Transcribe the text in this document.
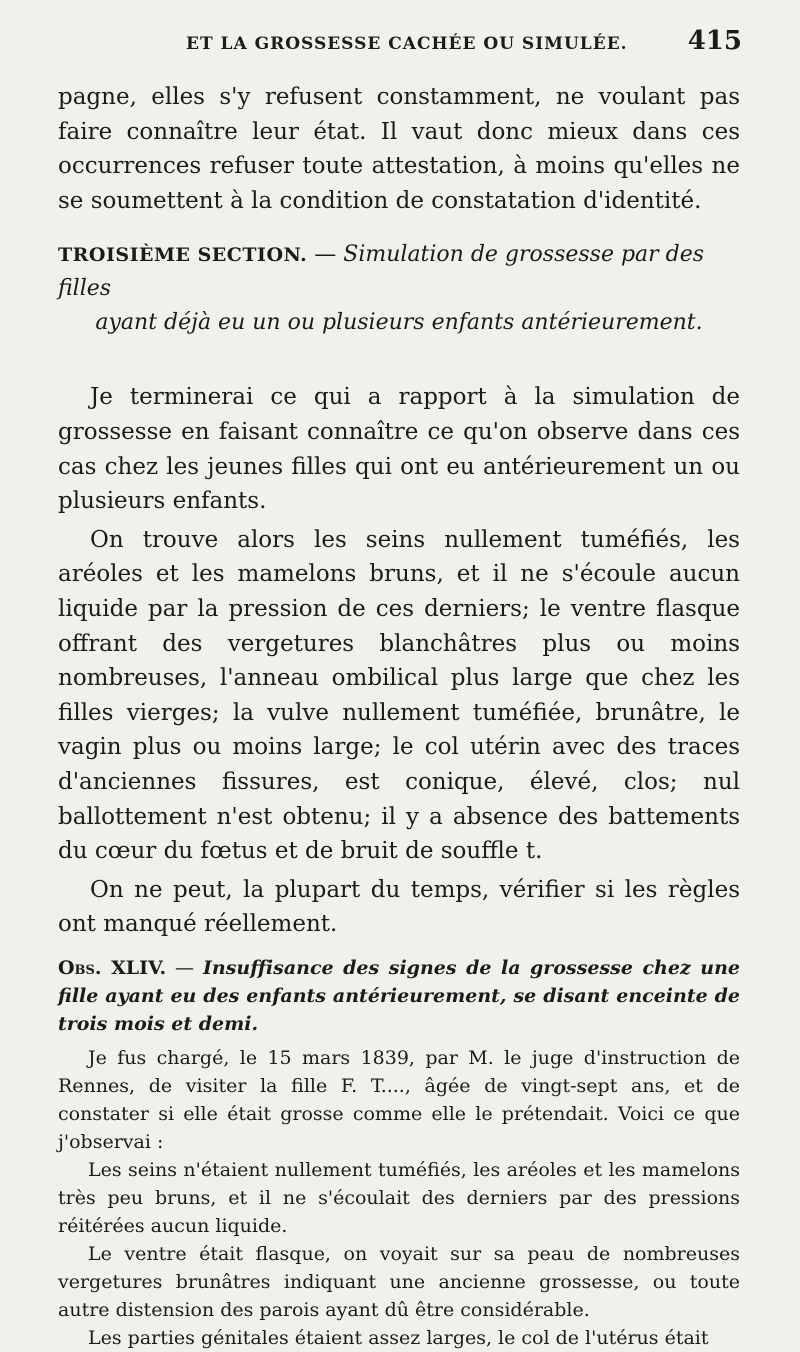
ET LA GROSSESSE CACHÉE OU SIMULÉE. 415

pagne, elles s'y refusent constamment, ne voulant pas faire connaître leur état. Il vaut donc mieux dans ces occurrences refuser toute attestation, à moins qu'elles ne se soumettent à la condition de constatation d'identité.

TROISIÈME SECTION. — Simulation de grossesse par des filles
ayant déjà eu un ou plusieurs enfants antérieurement.

Je terminerai ce qui a rapport à la simulation de grossesse en faisant connaître ce qu'on observe dans ces cas chez les jeunes filles qui ont eu antérieurement un ou plusieurs enfants.

On trouve alors les seins nullement tuméfiés, les aréoles et les mamelons bruns, et il ne s'écoule aucun liquide par la pression de ces derniers; le ventre flasque offrant des vergetures blanchâtres plus ou moins nombreuses, l'anneau ombilical plus large que chez les filles vierges; la vulve nullement tuméfiée, brunâtre, le vagin plus ou moins large; le col utérin avec des traces d'anciennes fissures, est conique, élevé, clos; nul ballottement n'est obtenu; il y a absence des battements du cœur du fœtus et de bruit de souffle t.

On ne peut, la plupart du temps, vérifier si les règles ont manqué réellement.

Obs. XLIV. — Insuffisance des signes de la grossesse chez une fille ayant eu des enfants antérieurement, se disant enceinte de trois mois et demi.

Je fus chargé, le 15 mars 1839, par M. le juge d'instruction de Rennes, de visiter la fille F. T...., âgée de vingt-sept ans, et de constater si elle était grosse comme elle le prétendait. Voici ce que j'observai :

Les seins n'étaient nullement tuméfiés, les aréoles et les mamelons très peu bruns, et il ne s'écoulait des derniers par des pressions réitérées aucun liquide.

Le ventre était flasque, on voyait sur sa peau de nombreuses vergetures brunâtres indiquant une ancienne grossesse, ou toute autre distension des parois ayant dû être considérable.

Les parties génitales étaient assez larges, le col de l'utérus était
